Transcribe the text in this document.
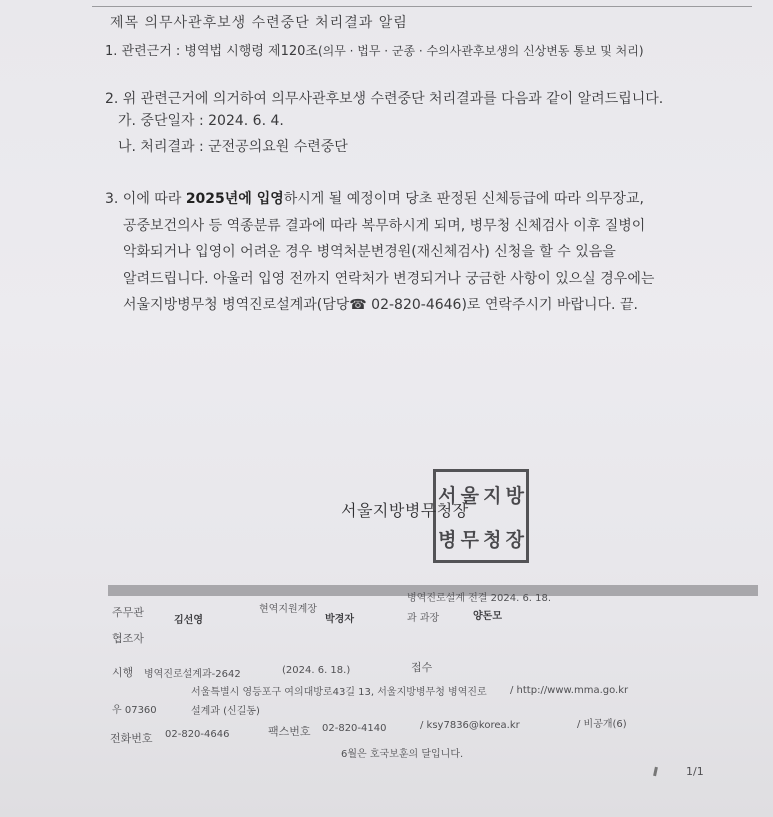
제목 의무사관후보생 수련중단 처리결과 알림
1. 관련근거 : 병역법 시행령 제120조(의무 · 법무 · 군종 · 수의사관후보생의 신상변동 통보 및 처리)
2. 위 관련근거에 의거하여 의무사관후보생 수련중단 처리결과를 다음과 같이 알려드립니다.
가. 중단일자 : 2024. 6. 4.
나. 처리결과 : 군전공의요원 수련중단
3. 이에 따라 2025년에 입영하시게 될 예정이며 당초 판정된 신체등급에 따라 의무장교,
공중보건의사 등 역종분류 결과에 따라 복무하시게 되며, 병무청 신체검사 이후 질병이
악화되거나 입영이 어려운 경우 병역처분변경원(재신체검사) 신청을 할 수 있음을
알려드립니다. 아울러 입영 전까지 연락처가 변경되거나 궁금한 사항이 있으실 경우에는
서울지방병무청 병역진로설계과(담당☎ 02-820-4646)로 연락주시기 바랍니다. 끝.
서 울 지 방
병 무 청 장
서울지방병무청장
병역진로설계 전결 2024. 6. 18.
주무관
김선영
현역지원계장
박경자	과 과장	양돈모
협조자
시행 병역진로설계과-2642	(2024. 6. 18.)	접수
우 07360
서울특별시 영등포구 여의대방로43길 13, 서울지방병무청 병역진로
설계과 (신길동)
/ http://www.mma.go.kr
전화번호 02-820-4646	팩스번호 02-820-4140	/ ksy7836@korea.kr	/ 비공개(6)
6월은 호국보훈의 달입니다.
1/1
